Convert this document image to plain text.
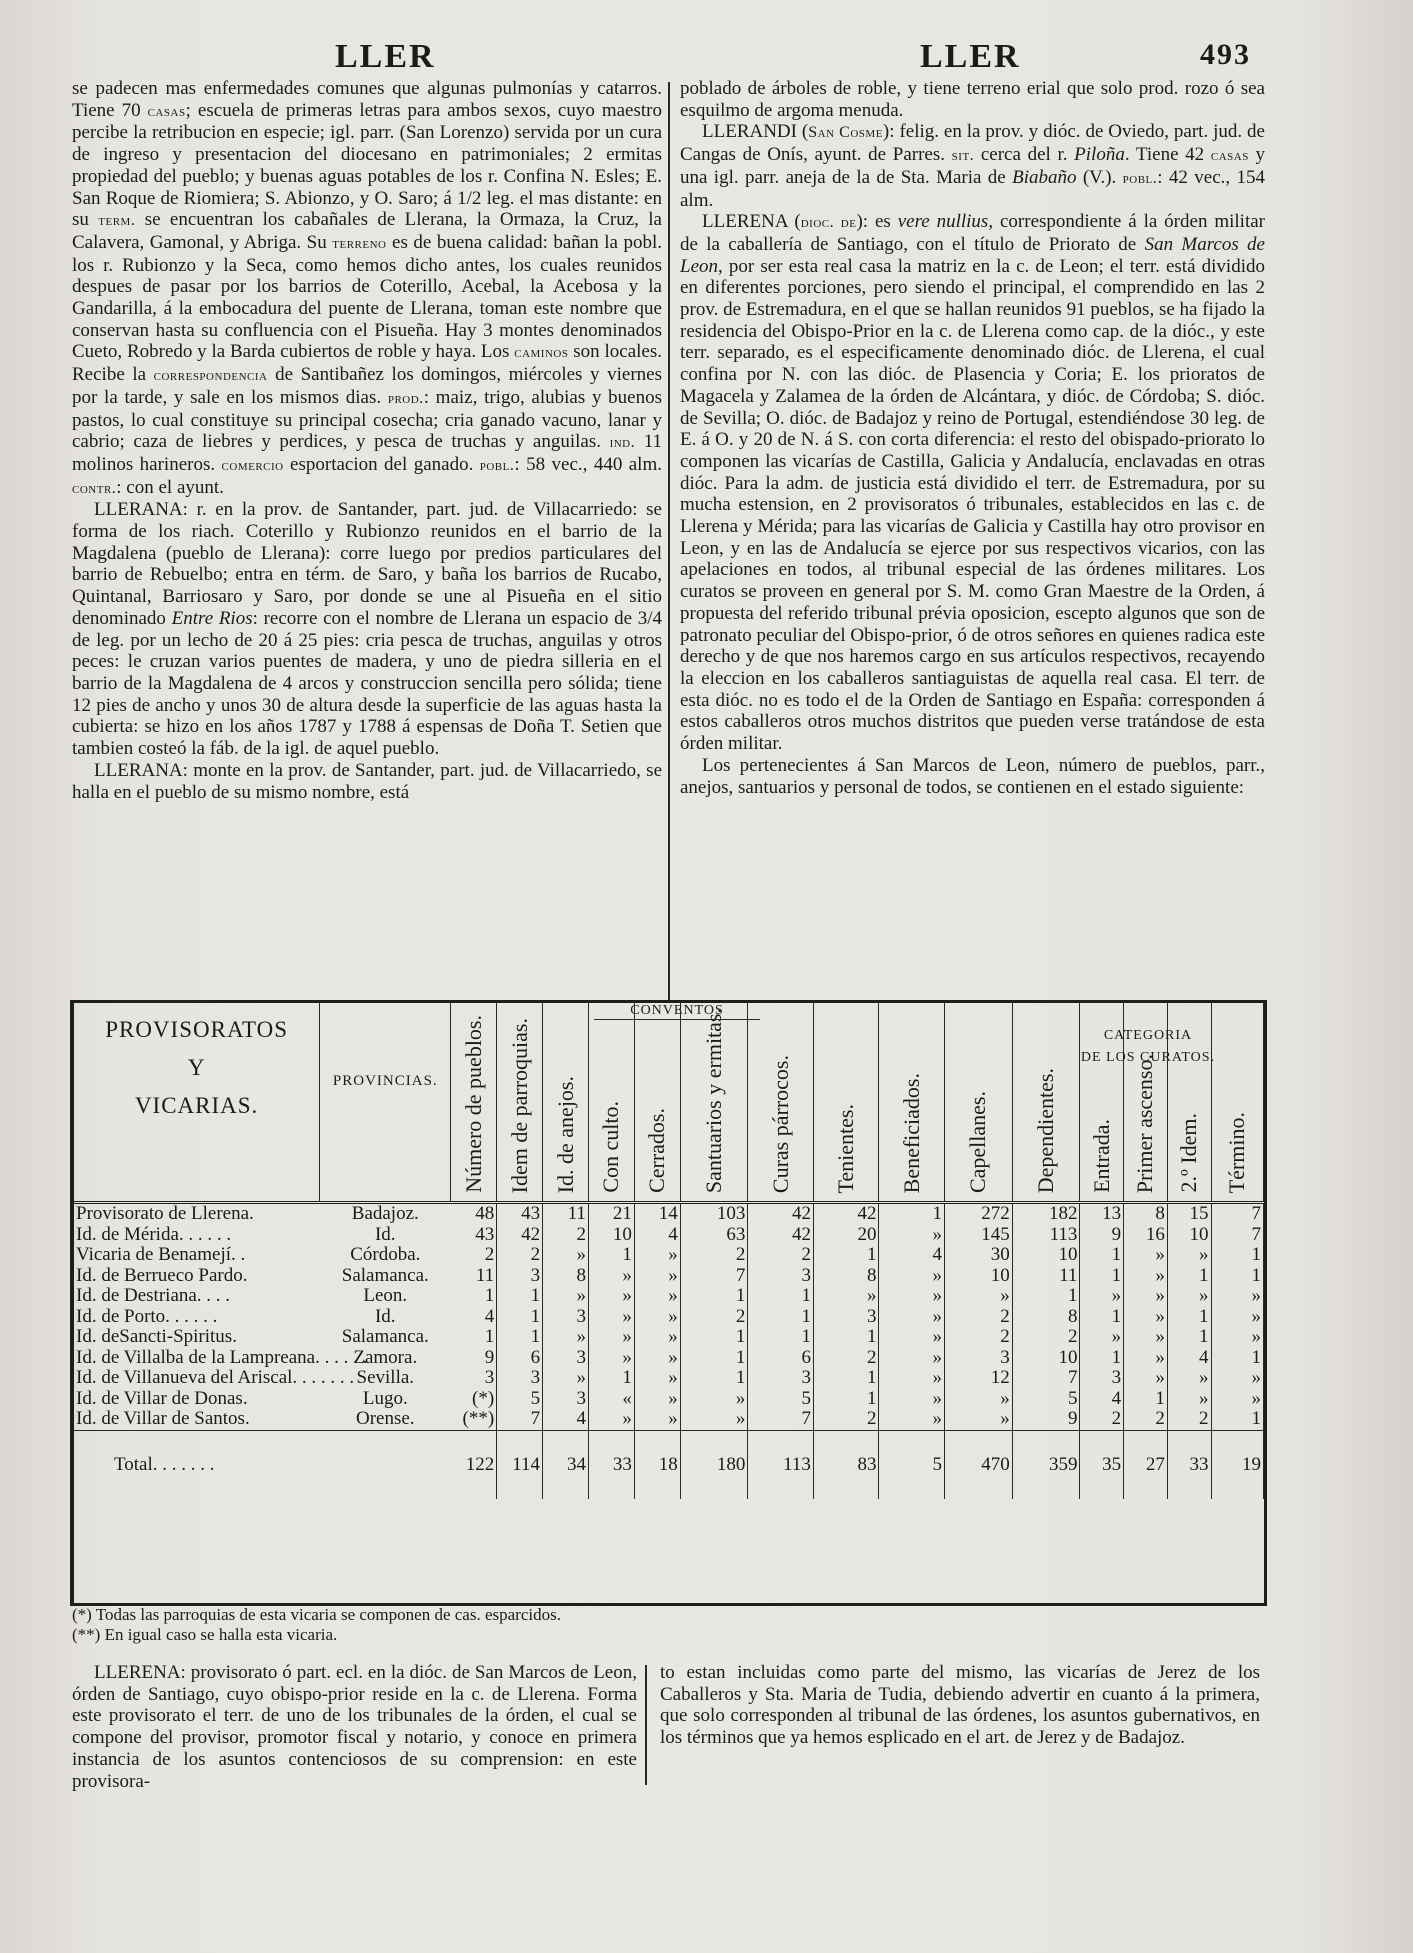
LLER	LLER	493

se padecen mas enfermedades comunes que algunas pulmonías y catarros. Tiene 70 casas; escuela de primeras letras para ambos sexos, cuyo maestro percibe la retribucion en especie; igl. parr. (San Lorenzo) servida por un cura de ingreso y presentacion del diocesano en patrimoniales; 2 ermitas propiedad del pueblo; y buenas aguas potables de los r. Confina N. Esles; E. San Roque de Riomiera; S. Abionzo, y O. Saro; á 1/2 leg. el mas distante: en su term. se encuentran los cabañales de Llerana, la Ormaza, la Cruz, la Calavera, Gamonal, y Abriga. Su terreno es de buena calidad: bañan la pobl. los r. Rubionzo y la Seca, como hemos dicho antes, los cuales reunidos despues de pasar por los barrios de Coterillo, Acebal, la Acebosa y la Gandarilla, á la embocadura del puente de Llerana, toman este nombre que conservan hasta su confluencia con el Pisueña. Hay 3 montes denominados Cueto, Robredo y la Barda cubiertos de roble y haya. Los caminos son locales. Recibe la correspondencia de Santibañez los domingos, miércoles y viernes por la tarde, y sale en los mismos dias. prod.: maiz, trigo, alubias y buenos pastos, lo cual constituye su principal cosecha; cria ganado vacuno, lanar y cabrio; caza de liebres y perdices, y pesca de truchas y anguilas. ind. 11 molinos harineros. comercio esportacion del ganado. pobl.: 58 vec., 440 alm. contr.: con el ayunt.

LLERANA: r. en la prov. de Santander, part. jud. de Villacarriedo: se forma de los riach. Coterillo y Rubionzo reunidos en el barrio de la Magdalena (pueblo de Llerana): corre luego por predios particulares del barrio de Rebuelbo; entra en térm. de Saro, y baña los barrios de Rucabo, Quintanal, Barriosaro y Saro, por donde se une al Pisueña en el sitio denominado Entre Rios: recorre con el nombre de Llerana un espacio de 3/4 de leg. por un lecho de 20 á 25 pies: cria pesca de truchas, anguilas y otros peces: le cruzan varios puentes de madera, y uno de piedra silleria en el barrio de la Magdalena de 4 arcos y construccion sencilla pero sólida; tiene 12 pies de ancho y unos 30 de altura desde la superficie de las aguas hasta la cubierta: se hizo en los años 1787 y 1788 á espensas de Doña T. Setien que tambien costeó la fáb. de la igl. de aquel pueblo.

LLERANA: monte en la prov. de Santander, part. jud. de Villacarriedo, se halla en el pueblo de su mismo nombre, está

poblado de árboles de roble, y tiene terreno erial que solo prod. rozo ó sea esquilmo de argoma menuda.

LLERANDI (San Cosme): felig. en la prov. y dióc. de Oviedo, part. jud. de Cangas de Onís, ayunt. de Parres. sit. cerca del r. Piloña. Tiene 42 casas y una igl. parr. aneja de la de Sta. Maria de Biabaño (V.). pobl.: 42 vec., 154 alm.

LLERENA (dioc. de): es vere nullius, correspondiente á la órden militar de la caballería de Santiago, con el título de Priorato de San Marcos de Leon, por ser esta real casa la matriz en la c. de Leon; el terr. está dividido en diferentes porciones, pero siendo el principal, el comprendido en las 2 prov. de Estremadura, en el que se hallan reunidos 91 pueblos, se ha fijado la residencia del Obispo-Prior en la c. de Llerena como cap. de la dióc., y este terr. separado, es el especificamente denominado dióc. de Llerena, el cual confina por N. con las dióc. de Plasencia y Coria; E. los prioratos de Magacela y Zalamea de la órden de Alcántara, y dióc. de Córdoba; S. dióc. de Sevilla; O. dióc. de Badajoz y reino de Portugal, estendiéndose 30 leg. de E. á O. y 20 de N. á S. con corta diferencia: el resto del obispado-priorato lo componen las vicarías de Castilla, Galicia y Andalucía, enclavadas en otras dióc. Para la adm. de justicia está dividido el terr. de Estremadura, por su mucha estension, en 2 provisoratos ó tribunales, establecidos en las c. de Llerena y Mérida; para las vicarías de Galicia y Castilla hay otro provisor en Leon, y en las de Andalucía se ejerce por sus respectivos vicarios, con las apelaciones en todos, al tribunal especial de las órdenes militares. Los curatos se proveen en general por S. M. como Gran Maestre de la Orden, á propuesta del referido tribunal prévia oposicion, escepto algunos que son de patronato peculiar del Obispo-prior, ó de otros señores en quienes radica este derecho y de que nos haremos cargo en sus artículos respectivos, recayendo la eleccion en los caballeros santiaguistas de aquella real casa. El terr. de esta dióc. no es todo el de la Orden de Santiago en España: corresponden á estos caballeros otros muchos distritos que pueden verse tratándose de esta órden militar.

Los pertenecientes á San Marcos de Leon, número de pueblos, parr., anejos, santuarios y personal de todos, se contienen en el estado siguiente:

CONVENTOS
CATEGORIA
DE LOS CURATOS.
PROVISORATOS
Y
VICARIAS.	PROVINCIAS.	Número de pueblos.	Idem de parroquias.	Id. de anejos.	Con culto.	Cerrados.	Santuarios y ermitas.	Curas párrocos.	Tenientes.	Beneficiados.	Capellanes.	Dependientes.	Entrada.	Primer ascenso.	2.º Idem.	Término.

Provisorato de Llerena.	Badajoz.	48	43	11	21	14	103	42	42	1	272	182	13	8	15	7
Id. de Mérida. . . . . .	Id.	43	42	2	10	4	63	42	20	»	145	113	9	16	10	7
Vicaria de Benamejí. .	Córdoba.	2	2	»	1	»	2	2	1	4	30	10	1	»	»	1
Id. de Berrueco Pardo.	Salamanca.	11	3	8	»	»	7	3	8	»	10	11	1	»	1	1
Id. de Destriana. . . .	Leon.	1	1	»	»	»	1	1	»	»	»	1	»	»	»	»
Id. de Porto. . . . . .	Id.	4	1	3	»	»	2	1	3	»	2	8	1	»	1	»
Id. deSancti-Spiritus.	Salamanca.	1	1	»	»	»	1	1	1	»	2	2	»	»	1	»
Id. de Villalba de la Lampreana. . . . . .	Zamora.	9	6	3	»	»	1	6	2	»	3	10	1	»	4	1
Id. de Villanueva del Ariscal. . . . . . .	Sevilla.	3	3	»	1	»	1	3	1	»	12	7	3	»	»	»
Id. de Villar de Donas.	Lugo.	(*)	5	3	«	»	»	5	1	»	»	5	4	1	»	»
Id. de Villar de Santos.	Orense.	(**)	7	4	»	»	»	7	2	»	»	9	2	2	2	1
Total. . . . . . .		122	114	34	33	18	180	113	83	5	470	359	35	27	33	19
(*) Todas las parroquias de esta vicaria se componen de cas. esparcidos.
(**) En igual caso se halla esta vicaria.

LLERENA: provisorato ó part. ecl. en la dióc. de San Marcos de Leon, órden de Santiago, cuyo obispo-prior reside en la c. de Llerena. Forma este provisorato el terr. de uno de los tribunales de la órden, el cual se compone del provisor, promotor fiscal y notario, y conoce en primera instancia de los asuntos contenciosos de su comprension: en este provisora-

to estan incluidas como parte del mismo, las vicarías de Jerez de los Caballeros y Sta. Maria de Tudia, debiendo advertir en cuanto á la primera, que solo corresponden al tribunal de las órdenes, los asuntos gubernativos, en los términos que ya hemos esplicado en el art. de Jerez y de Badajoz.
